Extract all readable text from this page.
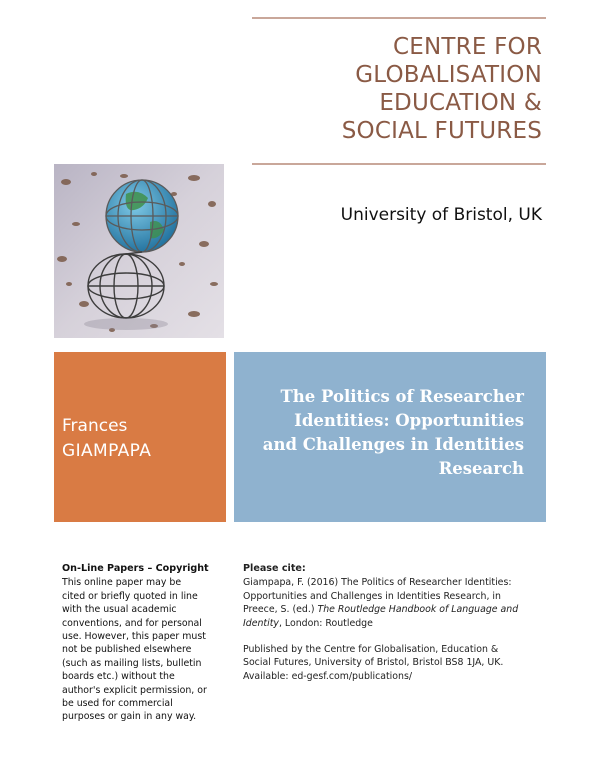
CENTRE FOR
GLOBALISATION
EDUCATION &
SOCIAL FUTURES
University of Bristol, UK
Frances
GIAMPAPA
The Politics of Researcher
Identities: Opportunities
and Challenges in Identities
Research
On-Line Papers – Copyright
This online paper may be
cited or briefly quoted in line
with the usual academic
conventions, and for personal
use. However, this paper must
not be published elsewhere
(such as mailing lists, bulletin
boards etc.) without the
author's explicit permission, or
be used for commercial
purposes or gain in any way.
Please cite:
Giampapa, F. (2016) The Politics of Researcher Identities:
Opportunities and Challenges in Identities Research, in
Preece, S. (ed.) The Routledge Handbook of Language and
Identity, London: Routledge
Published by the Centre for Globalisation, Education &
Social Futures, University of Bristol, Bristol BS8 1JA, UK.
Available: ed-gesf.com/publications/
